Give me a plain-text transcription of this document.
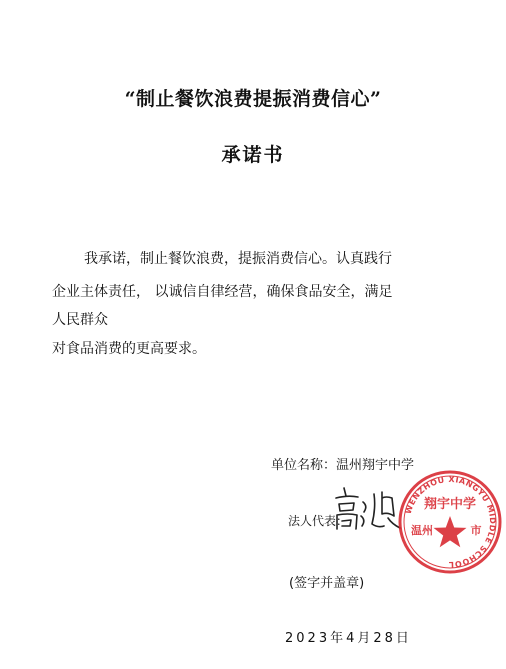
“制止餐饮浪费提振消费信心”
承诺书
我承诺，制止餐饮浪费，提振消费信心。认真践行
企业主体责任， 以诚信自律经营，确保食品安全，满足
人民群众
对食品消费的更高要求。
单位名称：温州翔宇中学
法人代表：
WENZHOU XIANGYU MIDDLE SCHOOL
翔宇中学
温州	市
(签字并盖章)
2023年4月28日
